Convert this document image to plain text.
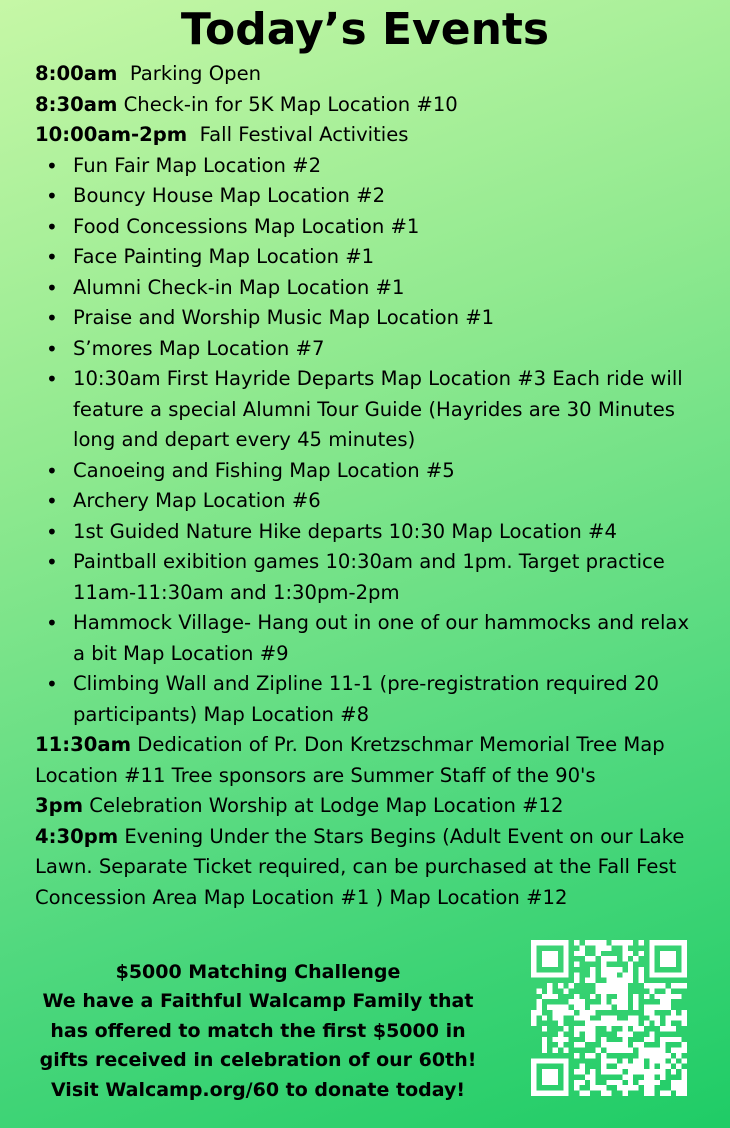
Today’s Events
8:00am  Parking Open
8:30am Check-in for 5K Map Location #10
10:00am-2pm  Fall Festival Activities
• Fun Fair Map Location #2
• Bouncy House Map Location #2
• Food Concessions Map Location #1
• Face Painting Map Location #1
• Alumni Check-in Map Location #1
• Praise and Worship Music Map Location #1
• S’mores Map Location #7
• 10:30am First Hayride Departs Map Location #3 Each ride will feature a special Alumni Tour Guide (Hayrides are 30 Minutes long and depart every 45 minutes)
• Canoeing and Fishing Map Location #5
• Archery Map Location #6
• 1st Guided Nature Hike departs 10:30 Map Location #4
• Paintball exibition games 10:30am and 1pm. Target practice 11am-11:30am and 1:30pm-2pm
• Hammock Village- Hang out in one of our hammocks and relax a bit Map Location #9
• Climbing Wall and Zipline 11-1 (pre-registration required 20 participants) Map Location #8
11:30am Dedication of Pr. Don Kretzschmar Memorial Tree Map Location #11 Tree sponsors are Summer Staff of the 90's
3pm Celebration Worship at Lodge Map Location #12
4:30pm Evening Under the Stars Begins (Adult Event on our Lake Lawn. Separate Ticket required, can be purchased at the Fall Fest Concession Area Map Location #1 ) Map Location #12
$5000 Matching Challenge
We have a Faithful Walcamp Family that
has offered to match the first $5000 in
gifts received in celebration of our 60th!
Visit Walcamp.org/60 to donate today!
